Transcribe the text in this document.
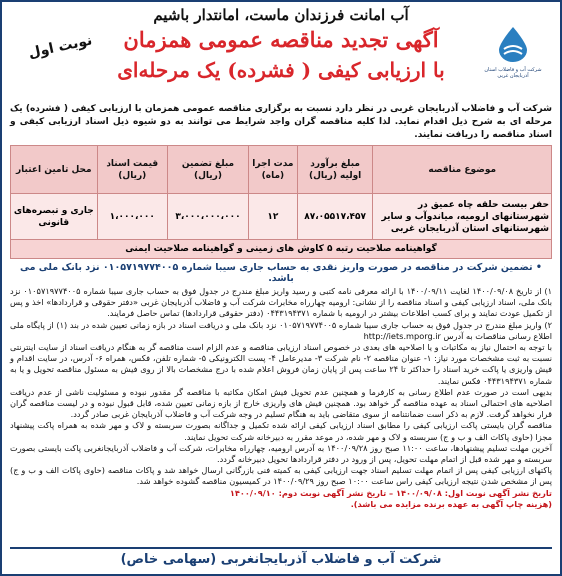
آب امانت فرزندان ماست، امانتدار باشیم
شرکت آب و فاضلاب استان آذربایجان غربی
آگهی تجدید مناقصه عمومی همزمان
با ارزیابی کیفی ( فشرده) یک مرحله‌ای
نوبت اول
شرکت آب و فاضلاب آذربایجان غربی در نظر دارد نسبت به برگزاری مناقصه عمومی همزمان با ارزیابی کیفی ( فشرده) یک مرحله ای به شرح ذیل اقدام نماید. لذا کلیه مناقصه گران واجد شرایط می توانند به دو شیوه ذیل اسناد ارزیابی کیفی و اسناد مناقصه را دریافت نمایند.
موضوع مناقصه	مبلغ برآورد اولیه (ریال)	مدت اجرا (ماه)	مبلغ تضمین (ریال)	قیمت اسناد (ریال)	محل تامین اعتبار
حفر بیست حلقه چاه عمیق در شهرستانهای ارومیه، میاندوآب و سایر شهرستانهای استان آذربایجان غربی	۸۷،۰۵۵۱۷،۴۵۷	۱۲	۳،۰۰۰،۰۰۰،۰۰۰	۱،۰۰۰،۰۰۰	جاری و تبصره‌های قانونی
گواهینامه صلاحیت رتبه ۵ کاوش های زمینی و گواهینامه صلاحیت ایمنی					
• تضمین شرکت در مناقصه در صورت واریز نقدی به حساب جاری سیبا شماره ۰۱۰۵۷۱۹۷۷۴۰۰۵ نزد بانک ملی می باشد.

۱) از تاریخ ۱۴۰۰/۰۹/۰۸ لغایت ۱۴۰۰/۰۹/۱۱ با ارائه معرفی نامه کتبی و رسید واریز مبلغ مندرج در جدول فوق به حساب جاری سیبا شماره ۰۱۰۵۷۱۹۷۷۴۰۰۵ نزد بانک ملی، اسناد ارزیابی کیفی و اسناد مناقصه را از نشانی: ارومیه چهارراه مخابرات شرکت آب و فاضلاب آذربایجان غربی «دفتر حقوقی و قراردادها» اخذ و پس از تکمیل عودت نمایند و برای کسب اطلاعات بیشتر در ارومیه با شماره ۰۴۴۳۱۹۴۳۷۱ (دفتر حقوقی قراردادها) تماس حاصل فرمایند.

۲) واریز مبلغ مندرج در جدول فوق به حساب جاری سیبا شماره ۰۱۰۵۷۱۹۷۷۴۰۰۵ نزد بانک ملی و دریافت اسناد در بازه زمانی تعیین شده در بند (۱) از پایگاه ملی اطلاع رسانی مناقصات به آدرس http://iets.mporg.ir

با توجه به احتمال نیاز به مکاتبات و یا اصلاحیه های بعدی در خصوص اسناد ارزیابی مناقصه و عدم الزام است مناقصه گر به هنگام دریافت اسناد از سایت اینترنتی نسبت به ثبت مشخصات مورد نیاز: ۱- عنوان مناقصه ۲- نام شرکت ۳- مدیرعامل ۴- پست الکترونیکی ۵- شماره تلفن، فکس، همراه ۶- آدرس، در سایت اقدام و فیش واریزی یا پاکت خرید اسناد را حداکثر تا ۲۴ ساعت پس از پایان زمان فروش اعلام شده با درج مشخصات بالا از روی فیش به مسئول مناقصه تحویل و یا به شماره ۰۴۴۳۱۹۴۳۷۱ فکس نمایند.

بدیهی است در صورت عدم اطلاع رسانی به کارفرما و همچنین عدم تحویل فیش امکان مکاتبه با مناقصه گر مقدور نبوده و مسئولیت ناشی از عدم دریافت اصلاحیه های احتمالی اسناد به عهده مناقصه گر خواهد بود. همچنین فیش های واریزی خارج از بازه زمانی تعیین شده، قابل قبول نبوده و در لیست مناقصه گران قرار نخواهد گرفت. لازم به ذکر است ضمانتنامه از سوی متقاضی باید به هنگام تسلیم در وجه شرکت آب و فاضلاب آذربایجان غربی صادر گردد.

مناقصه گران بایستی پاکت ارزیابی کیفی را مطابق اسناد ارزیابی کیفی ارائه شده تکمیل و جداگانه بصورت سربسته و لاک و مهر شده به همراه پاکت پیشنهاد مجزا (حاوی پاکات الف و ب و ج) سربسته و لاک و مهر شده، در موعد مقرر به دبیرخانه شرکت تحویل نمایند.

آخرین مهلت تسلیم پیشنهادها، ساعت ۱۱:۰۰ صبح روز ۱۴۰۰/۰۹/۲۸ به آدرس ارومیه، چهارراه مخابرات، شرکت آب و فاضلاب آذربایجانغربی پاکت بایستی بصورت سربسته و مهر شده قبل از اتمام مهلت تحویل، پس از ورود در دفتر قراردادها تحویل دبیرخانه گردد.

پاکتهای ارزیابی کیفی پس از اتمام مهلت تسلیم اسناد جهت ارزیابی کیفی به کمیته فنی بازرگانی ارسال خواهد شد و پاکات مناقصه (حاوی پاکات الف و ب و ج) پس از مشخص شدن نتیجه ارزیابی کیفی راس ساعت ۱۰:۰۰ صبح روز ۱۴۰۰/۰۹/۲۹ در کمیسیون مناقصه گشوده خواهد شد.

تاریخ نشر آگهی نوبت اول: ۱۴۰۰/۰۹/۰۸ – تاریخ نشر آگهی نوبت دوم: ۱۴۰۰/۰۹/۱۰

(هزینه چاپ آگهی به عهده برنده مزایده می باشد).

شرکت آب و فاضلاب آذربایجانغربی (سهامی خاص)
